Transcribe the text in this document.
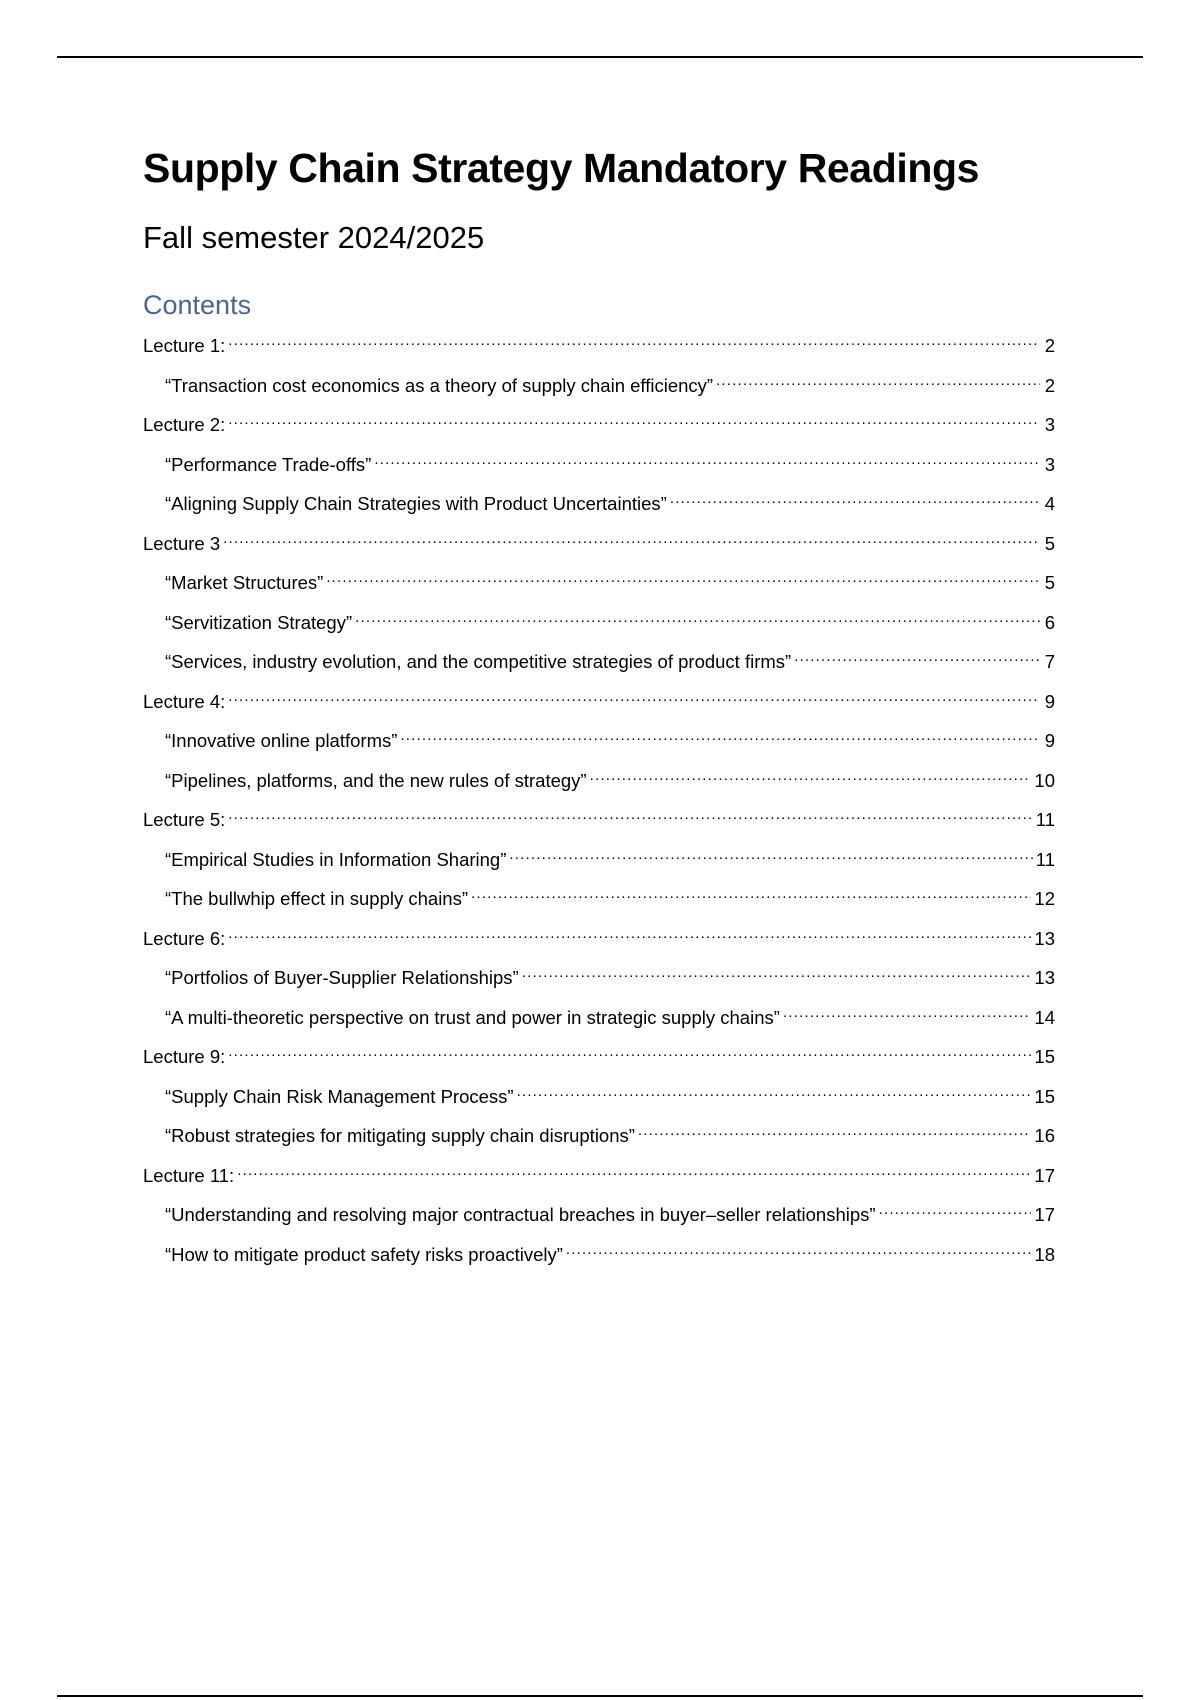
Supply Chain Strategy Mandatory Readings
Fall semester 2024/2025
Contents
Lecture 1: .....	2
“Transaction cost economics as a theory of supply chain efficiency” .....	2
Lecture 2: .....	3
“Performance Trade-offs” .....	3
“Aligning Supply Chain Strategies with Product Uncertainties” .....	4
Lecture 3 .....	5
“Market Structures” .....	5
“Servitization Strategy” .....	6
“Services, industry evolution, and the competitive strategies of product firms” .....	7
Lecture 4: .....	9
“Innovative online platforms” .....	9
“Pipelines, platforms, and the new rules of strategy” .....	10
Lecture 5: .....	11
“Empirical Studies in Information Sharing” .....	11
“The bullwhip effect in supply chains” .....	12
Lecture 6: .....	13
“Portfolios of Buyer-Supplier Relationships” .....	13
“A multi-theoretic perspective on trust and power in strategic supply chains” .....	14
Lecture 9: .....	15
“Supply Chain Risk Management Process” .....	15
“Robust strategies for mitigating supply chain disruptions” .....	16
Lecture 11: .....	17
“Understanding and resolving major contractual breaches in buyer–seller relationships” .....	17
“How to mitigate product safety risks proactively” .....	18
